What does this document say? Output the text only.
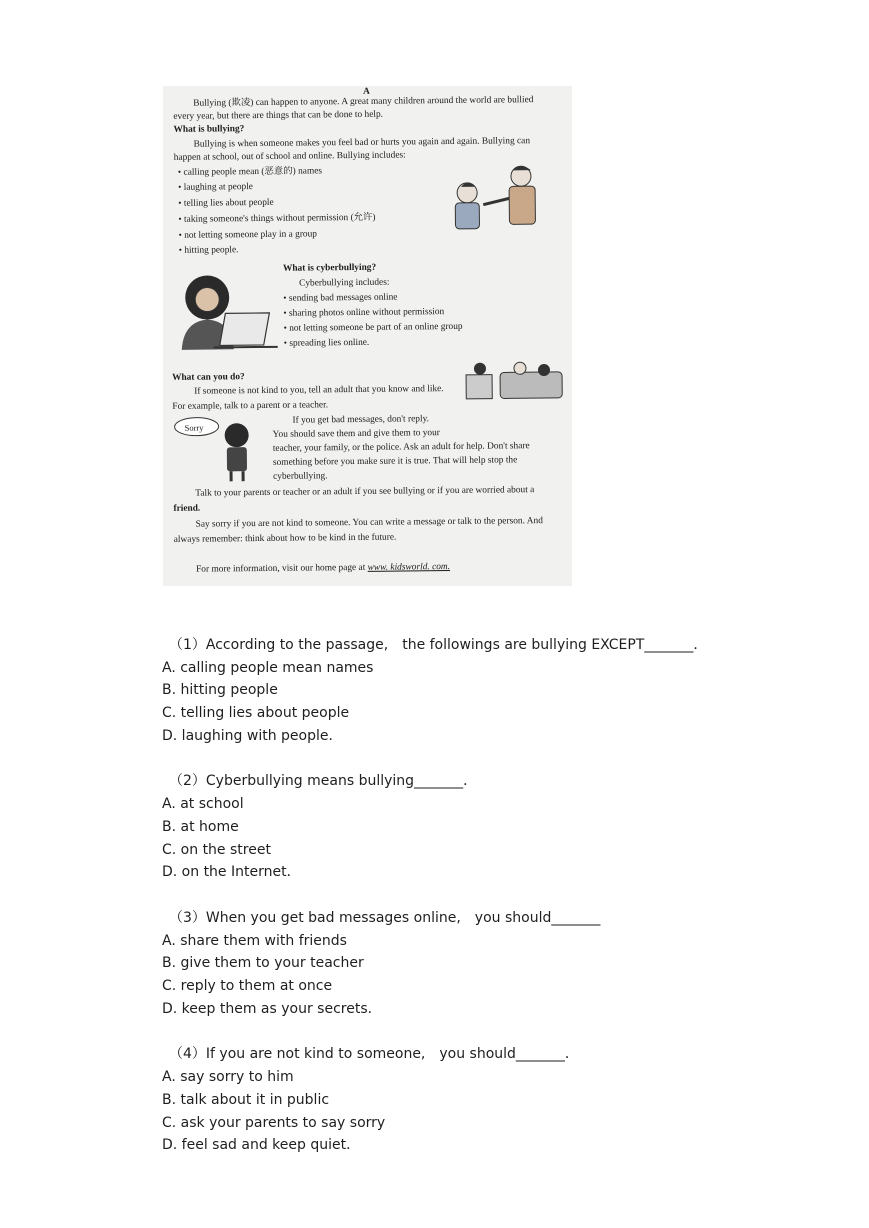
A
Bullying (欺凌) can happen to anyone. A great many children around the world are bullied
every year, but there are things that can be done to help.
What is bullying?
Bullying is when someone makes you feel bad or hurts you again and again. Bullying can
happen at school, out of school and online. Bullying includes:
• calling people mean (恶意的) names
• laughing at people
• telling lies about people
• taking someone's things without permission (允许)
• not letting someone play in a group
• hitting people.
What is cyberbullying?
Cyberbullying includes:
• sending bad messages online
• sharing photos online without permission
• not letting someone be part of an online group
• spreading lies online.
What can you do?
If someone is not kind to you, tell an adult that you know and like.
For example, talk to a parent or a teacher.
Sorry
If you get bad messages, don't reply.
You should save them and give them to your
teacher, your family, or the police. Ask an adult for help. Don't share
something before you make sure it is true. That will help stop the
cyberbullying.
Talk to your parents or teacher or an adult if you see bullying or if you are worried about a
friend.
Say sorry if you are not kind to someone. You can write a message or talk to the person. And
always remember: think about how to be kind in the future.
For more information, visit our home page at www. kidsworld. com.
（1）According to the passage,　the followings are bullying EXCEPT_______．
A. calling people mean names
B. hitting people
C. telling lies about people
D. laughing with people．
（2）Cyberbullying means bullying_______．
A. at school
B. at home
C. on the street
D. on the Internet．
（3）When you get bad messages online,　you should_______
A. share them with friends
B. give them to your teacher
C. reply to them at once
D. keep them as your secrets．
（4）If you are not kind to someone,　you should_______．
A. say sorry to him
B. talk about it in public
C. ask your parents to say sorry
D. feel sad and keep quiet．
